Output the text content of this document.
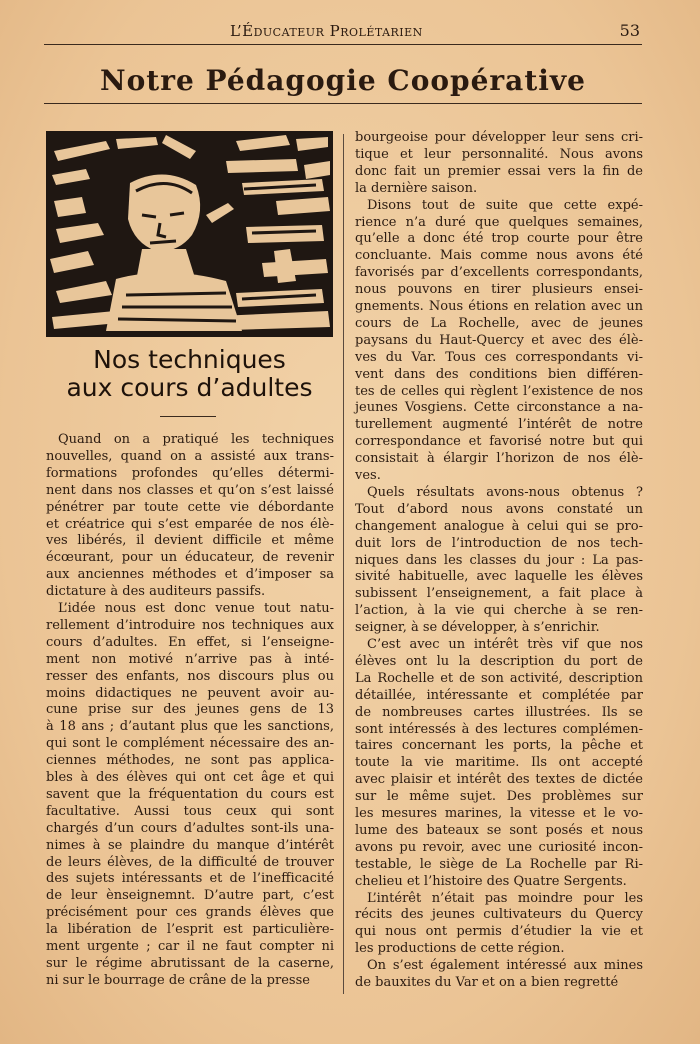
L’Éducateur Prolétarien	53
Notre Pédagogie Coopérative
Nos techniques
aux cours d’adultes
Quand on a pratiqué les techniques
nouvelles, quand on a assisté aux trans-
formations profondes qu’elles détermi-
nent dans nos classes et qu’on s’est laissé
pénétrer par toute cette vie débordante
et créatrice qui s’est emparée de nos élè-
ves libérés, il devient difficile et même
écœurant, pour un éducateur, de revenir
aux anciennes méthodes et d’imposer sa
dictature à des auditeurs passifs.
L’idée nous est donc venue tout natu-
rellement d’introduire nos techniques aux
cours d’adultes. En effet, si l’enseigne-
ment non motivé n’arrive pas à inté-
resser des enfants, nos discours plus ou
moins didactiques ne peuvent avoir au-
cune prise sur des jeunes gens de 13
à 18 ans ; d’autant plus que les sanctions,
qui sont le complément nécessaire des an-
ciennes méthodes, ne sont pas applica-
bles à des élèves qui ont cet âge et qui
savent que la fréquentation du cours est
facultative. Aussi tous ceux qui sont
chargés d’un cours d’adultes sont-ils una-
nimes à se plaindre du manque d’intérêt
de leurs élèves, de la difficulté de trouver
des sujets intéressants et de l’inefficacité
de leur ènseignemnt. D’autre part, c’est
précisément pour ces grands élèves que
la libération de l’esprit est particulière-
ment urgente ; car il ne faut compter ni
sur le régime abrutissant de la caserne,
ni sur le bourrage de crâne de la presse
bourgeoise pour développer leur sens cri-
tique et leur personnalité. Nous avons
donc fait un premier essai vers la fin de
la dernière saison.
Disons tout de suite que cette expé-
rience n’a duré que quelques semaines,
qu’elle a donc été trop courte pour être
concluante. Mais comme nous avons été
favorisés par d’excellents correspondants,
nous pouvons en tirer plusieurs ensei-
gnements. Nous étions en relation avec un
cours de La Rochelle, avec de jeunes
paysans du Haut-Quercy et avec des élè-
ves du Var. Tous ces correspondants vi-
vent dans des conditions bien différen-
tes de celles qui règlent l’existence de nos
jeunes Vosgiens. Cette circonstance a na-
turellement augmenté l’intérêt de notre
correspondance et favorisé notre but qui
consistait à élargir l’horizon de nos élè-
ves.
Quels résultats avons-nous obtenus ?
Tout d’abord nous avons constaté un
changement analogue à celui qui se pro-
duit lors de l’introduction de nos tech-
niques dans les classes du jour : La pas-
sivité habituelle, avec laquelle les élèves
subissent l’enseignement, a fait place à
l’action, à la vie qui cherche à se ren-
seigner, à se développer, à s’enrichir.
C’est avec un intérêt très vif que nos
élèves ont lu la description du port de
La Rochelle et de son activité, description
détaillée, intéressante et complétée par
de nombreuses cartes illustrées. Ils se
sont intéressés à des lectures complémen-
taires concernant les ports, la pêche et
toute la vie maritime. Ils ont accepté
avec plaisir et intérêt des textes de dictée
sur le même sujet. Des problèmes sur
les mesures marines, la vitesse et le vo-
lume des bateaux se sont posés et nous
avons pu revoir, avec une curiosité incon-
testable, le siège de La Rochelle par Ri-
chelieu et l’histoire des Quatre Sergents.
L’intérêt n’était pas moindre pour les
récits des jeunes cultivateurs du Quercy
qui nous ont permis d’étudier la vie et
les productions de cette région.
On s’est également intéressé aux mines
de bauxites du Var et on a bien regretté
